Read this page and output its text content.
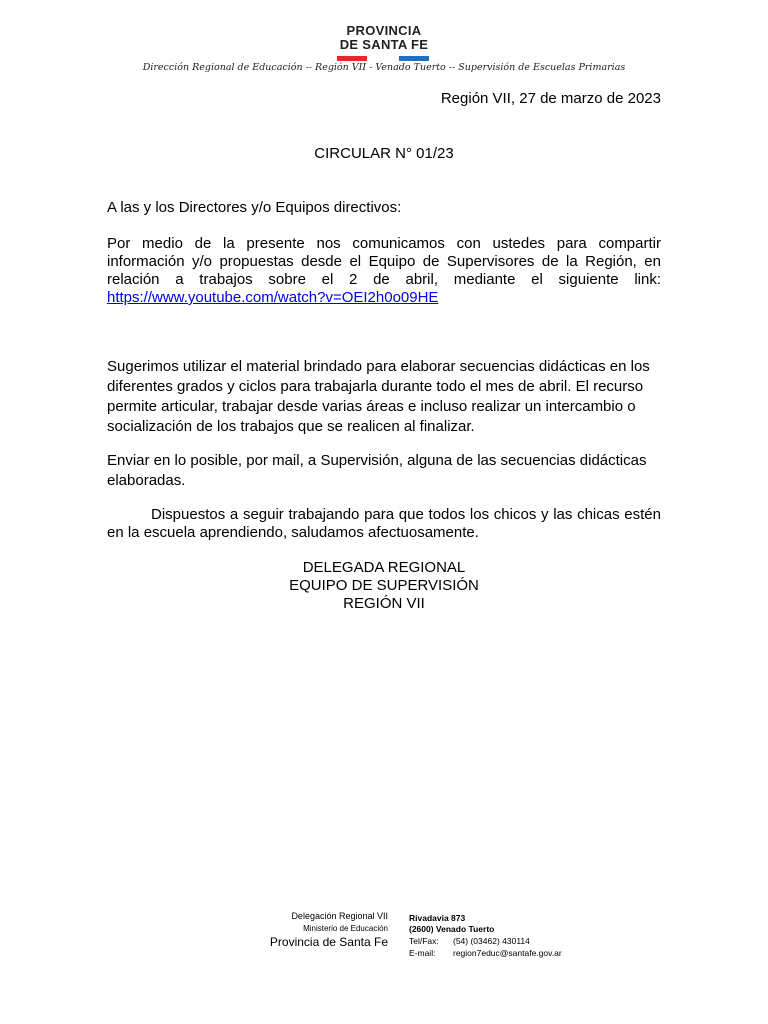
PROVINCIA
DE SANTA FE
Dirección Regional de Educación -- Región VII - Venado Tuerto -- Supervisión de Escuelas Primarias
Región VII, 27 de marzo de 2023
CIRCULAR N° 01/23
A las y los Directores y/o Equipos directivos:
Por medio de la presente nos comunicamos con ustedes para compartir información y/o propuestas desde el Equipo de Supervisores de la Región, en relación a trabajos sobre el 2 de abril, mediante el siguiente link: https://www.youtube.com/watch?v=OEI2h0o09HE
Sugerimos utilizar el material brindado para elaborar secuencias didácticas en los
diferentes grados y ciclos para trabajarla durante todo el mes de abril. El recurso
permite articular, trabajar desde varias áreas e incluso realizar un intercambio o
socialización de los trabajos que se realicen al finalizar.
Enviar en lo posible, por mail, a Supervisión, alguna de las secuencias didácticas
elaboradas.
Dispuestos a seguir trabajando para que todos los chicos y las chicas estén en la escuela aprendiendo, saludamos afectuosamente.
DELEGADA REGIONAL
EQUIPO DE SUPERVISIÓN
REGIÓN VII
Delegación Regional VII
Ministerio de Educación
Provincia de Santa Fe
Rivadavia 873
(2600) Venado Tuerto
Tel/Fax: (54) (03462) 430114
E-mail: region7educ@santafe.gov.ar
